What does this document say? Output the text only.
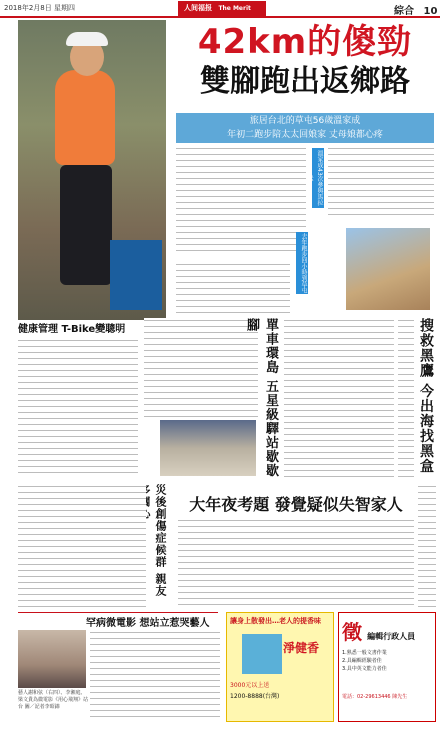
2018年2月8日 星期四	人间福报 The Merit Times
綜合 10
42km的傻勁
雙腳跑出返鄉路
旅居台北的草屯56歲溫家成
年初二跑步陪太太回娘家 丈母娘都心疼
溫家成43次參與馬拉松
去年跑步回小時到草屯
健康管理 T-Bike變聰明	單車環島 五星級驛站歇歇腳	搜救黑鷹 今出海找黑盒
災後創傷症候群 親友
大年夜考題 發覺疑似失智家人
罕病微電影 想站立惹哭藝人
藝人謝和弦（右四）、李湘庭、梁文貴為微電影《用心飛翔》站台 圖／記者李昭錦
讓身上散發出…老人的提香味
淨健香
3000元以上送
1200-8888(台灣)
徵 編輯行政人員
1.熟悉一般文書作業
2.具編輯經驗者佳
3.具中英文能力者佳
電話：02-29613446 陳先生
